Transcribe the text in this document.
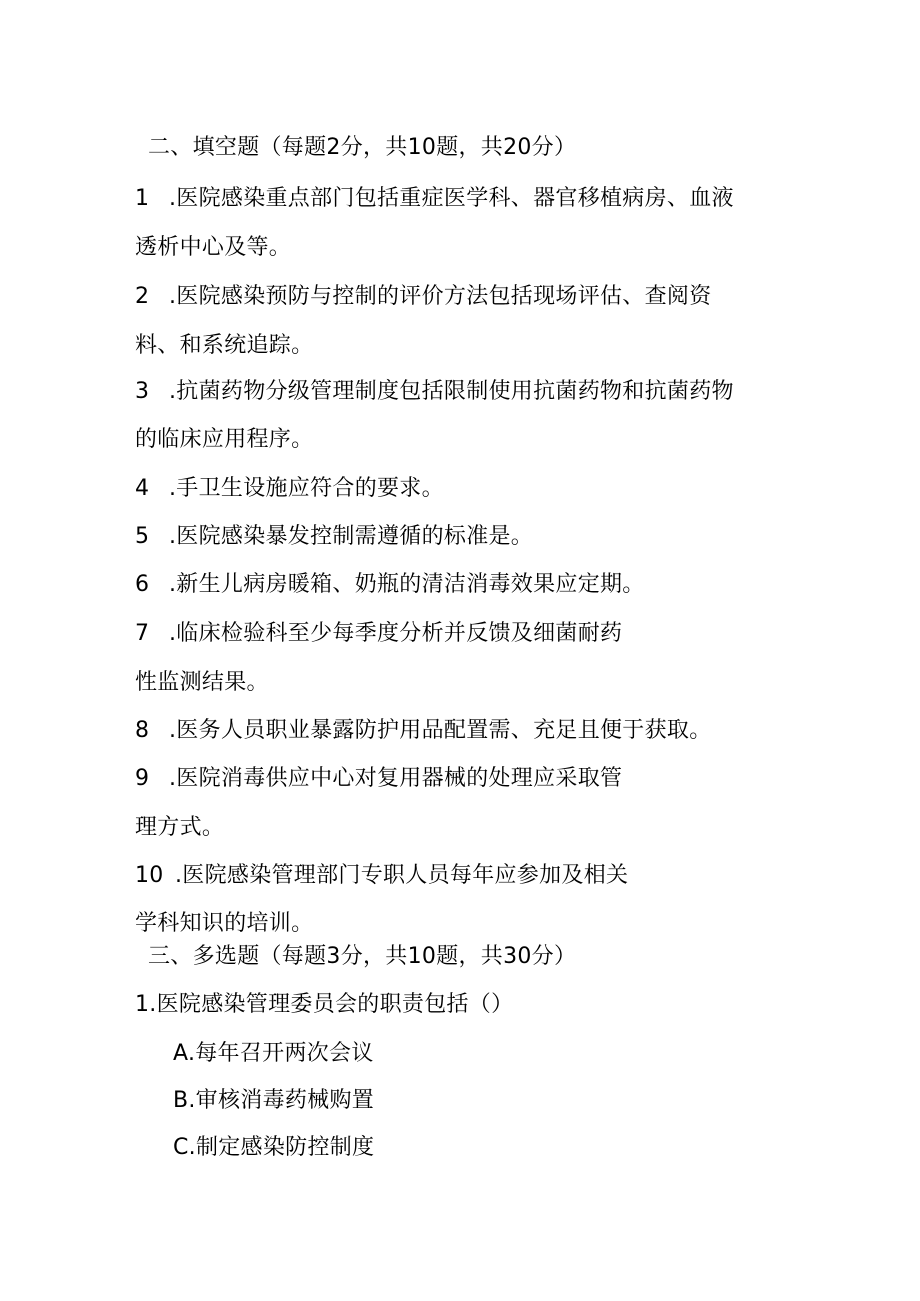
二、填空题（每题2分，共10题，共20分）
1 .医院感染重点部门包括重症医学科、器官移植病房、血液
透析中心及等。
2 .医院感染预防与控制的评价方法包括现场评估、查阅资
料、和系统追踪。
3 .抗菌药物分级管理制度包括限制使用抗菌药物和抗菌药物
的临床应用程序。
4 .手卫生设施应符合的要求。
5 .医院感染暴发控制需遵循的标准是。
6 .新生儿病房暖箱、奶瓶的清洁消毒效果应定期。
7 .临床检验科至少每季度分析并反馈及细菌耐药
性监测结果。
8 .医务人员职业暴露防护用品配置需、充足且便于获取。
9 .医院消毒供应中心对复用器械的处理应采取管
理方式。
10 .医院感染管理部门专职人员每年应参加及相关
学科知识的培训。
三、多选题（每题3分，共10题，共30分）
1.医院感染管理委员会的职责包括（）
A.每年召开两次会议
B.审核消毒药械购置
C.制定感染防控制度
